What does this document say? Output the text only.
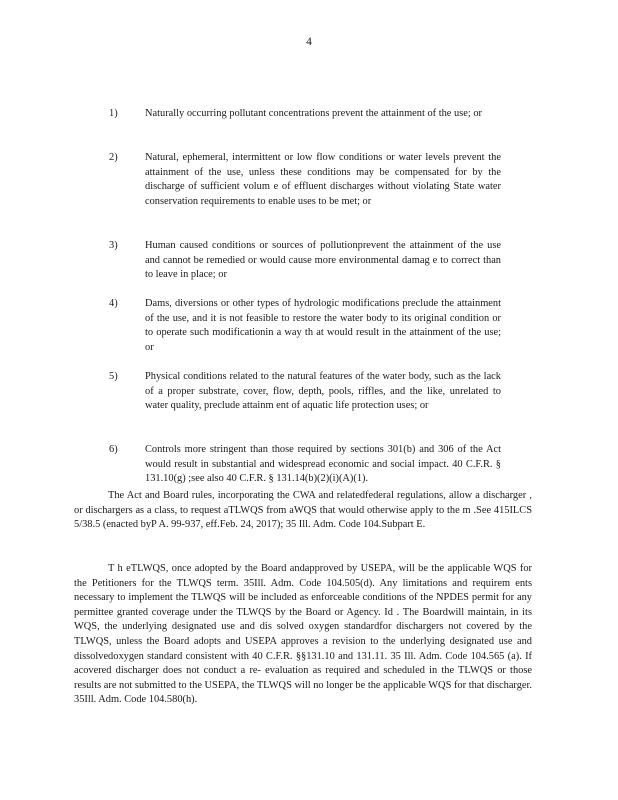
4
1)	Naturally occurring pollutant concentrations prevent the attainment of the use; or
2)	Natural, ephemeral, intermittent or low flow conditions or water levels prevent the attainment of the use, unless these conditions may be compensated for by the discharge of sufficient volum e of effluent discharges without violating State water conservation requirements to enable uses to be met; or
3)	Human caused conditions or sources of pollutionprevent the attainment of the use and cannot be remedied or would cause more environmental damag e to correct than to leave in place; or
4)	Dams, diversions or other types of hydrologic modifications preclude the attainment of the use, and it is not feasible to restore the water body to its original condition or to operate such modificationin a way th at would result in the attainment of the use; or
5)	Physical conditions related to the natural features of the water body, such as the lack of a proper substrate, cover, flow, depth, pools, riffles, and the like, unrelated to water quality, preclude attainm ent of aquatic life protection uses; or
6)	Controls more stringent than those required by sections 301(b) and 306 of the Act would result in substantial and widespread economic and social impact. 40 C.F.R. § 131.10(g) ;see also 40 C.F.R. § 131.14(b)(2)(i)(A)(1).

The Act and Board rules, incorporating the CWA and relatedfederal regulations, allow a discharger , or dischargers as a class, to request aTLWQS from aWQS that would otherwise apply to the m .See 415ILCS 5/38.5 (enacted byP A. 99-937, eff.Feb. 24, 2017); 35 Ill. Adm. Code 104.Subpart E.

T h eTLWQS, once adopted by the Board andapproved by USEPA, will be the applicable WQS for the Petitioners for the TLWQS term. 35Ill. Adm. Code 104.505(d). Any limitations and requirem ents necessary to implement the TLWQS will be included as enforceable conditions of the NPDES permit for any permittee granted coverage under the TLWQS by the Board or Agency. Id . The Boardwill maintain, in its WQS, the underlying designated use and dis solved oxygen standardfor dischargers not covered by the TLWQS, unless the Board adopts and USEPA approves a revision to the underlying designated use and dissolvedoxygen standard consistent with 40 C.F.R. §§131.10 and 131.11. 35 Ill. Adm. Code 104.565 (a). If acovered discharger does not conduct a re- evaluation as required and scheduled in the TLWQS or those results are not submitted to the USEPA, the TLWQS will no longer be the applicable WQS for that discharger. 35Ill. Adm. Code 104.580(h).
